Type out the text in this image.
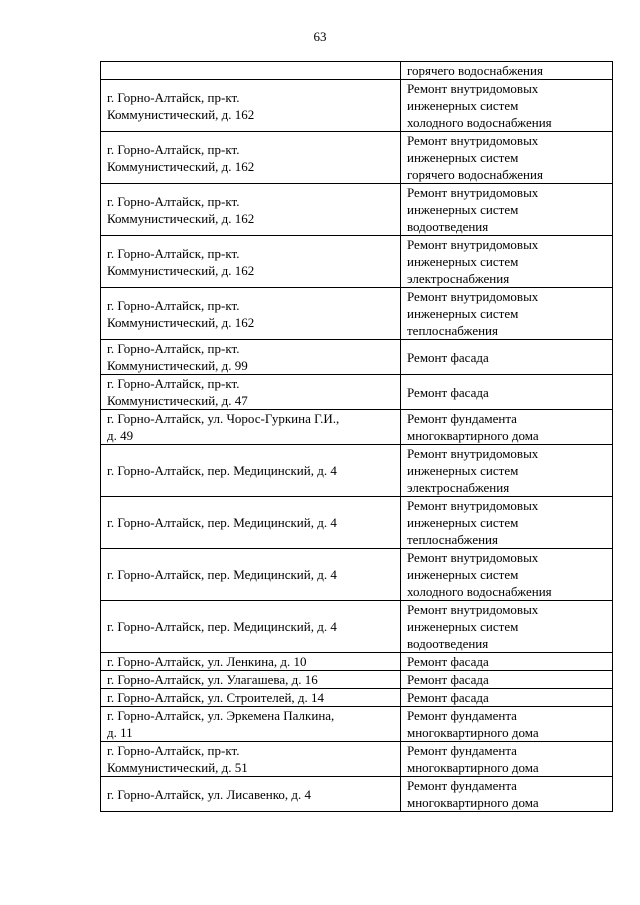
63

	горячего водоснабжения

г. Горно-Алтайск, пр-кт.
Коммунистический, д. 162	Ремонт внутридомовых
инженерных систем
холодного водоснабжения

г. Горно-Алтайск, пр-кт.
Коммунистический, д. 162	Ремонт внутридомовых
инженерных систем
горячего водоснабжения

г. Горно-Алтайск, пр-кт.
Коммунистический, д. 162	Ремонт внутридомовых
инженерных систем
водоотведения

г. Горно-Алтайск, пр-кт.
Коммунистический, д. 162	Ремонт внутридомовых
инженерных систем
электроснабжения

г. Горно-Алтайск, пр-кт.
Коммунистический, д. 162	Ремонт внутридомовых
инженерных систем
теплоснабжения

г. Горно-Алтайск, пр-кт.
Коммунистический, д. 99	Ремонт фасада

г. Горно-Алтайск, пр-кт.
Коммунистический, д. 47	Ремонт фасада

г. Горно-Алтайск, ул. Чорос-Гуркина Г.И.,
д. 49	Ремонт фундамента
многоквартирного дома

г. Горно-Алтайск, пер. Медицинский, д. 4	Ремонт внутридомовых
инженерных систем
электроснабжения

г. Горно-Алтайск, пер. Медицинский, д. 4	Ремонт внутридомовых
инженерных систем
теплоснабжения

г. Горно-Алтайск, пер. Медицинский, д. 4	Ремонт внутридомовых
инженерных систем
холодного водоснабжения

г. Горно-Алтайск, пер. Медицинский, д. 4	Ремонт внутридомовых
инженерных систем
водоотведения

г. Горно-Алтайск, ул. Ленкина, д. 10	Ремонт фасада

г. Горно-Алтайск, ул. Улагашева, д. 16	Ремонт фасада

г. Горно-Алтайск, ул. Строителей, д. 14	Ремонт фасада

г. Горно-Алтайск, ул. Эркемена Палкина,
д. 11	Ремонт фундамента
многоквартирного дома

г. Горно-Алтайск, пр-кт.
Коммунистический, д. 51	Ремонт фундамента
многоквартирного дома

г. Горно-Алтайск, ул. Лисавенко, д. 4	Ремонт фундамента
многоквартирного дома
